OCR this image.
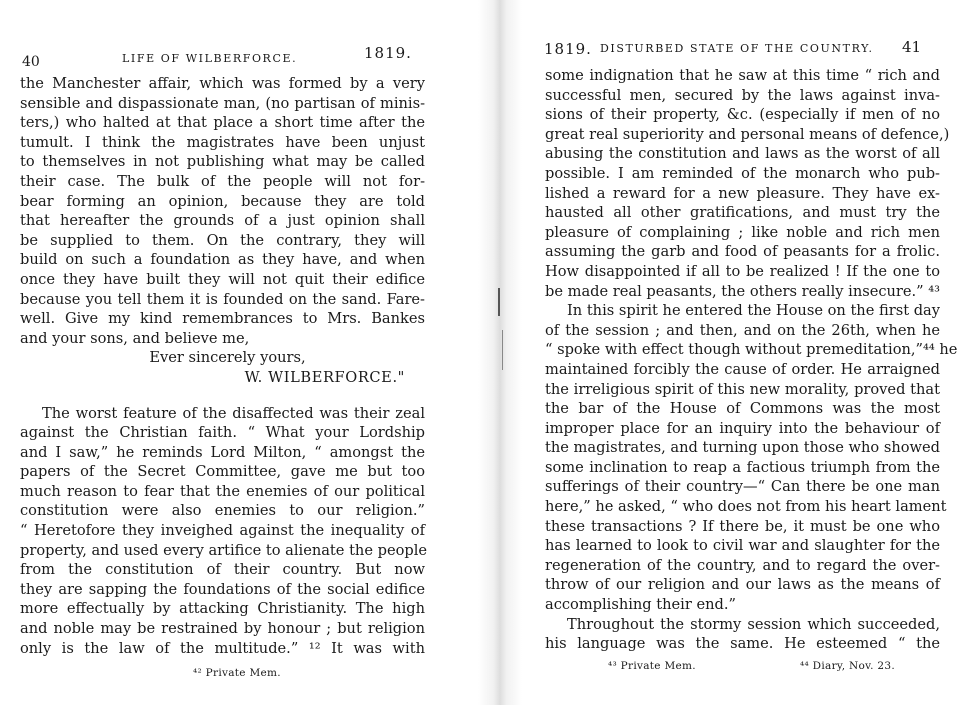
40	LIFE OF WILBERFORCE.	1819.
the Manchester affair, which was formed by a very
sensible and dispassionate man, (no partisan of minis-
ters,) who halted at that place a short time after the
tumult. I think the magistrates have been unjust
to themselves in not publishing what may be called
their case. The bulk of the people will not for-
bear forming an opinion, because they are told
that hereafter the grounds of a just opinion shall
be supplied to them. On the contrary, they will
build on such a foundation as they have, and when
once they have built they will not quit their edifice
because you tell them it is founded on the sand. Fare-
well. Give my kind remembrances to Mrs. Bankes
and your sons, and believe me,
Ever sincerely yours,
W. WILBERFORCE."
The worst feature of the disaffected was their zeal
against the Christian faith. “ What your Lordship
and I saw,” he reminds Lord Milton, “ amongst the
papers of the Secret Committee, gave me but too
much reason to fear that the enemies of our political
constitution were also enemies to our religion.”
“ Heretofore they inveighed against the inequality of
property, and used every artifice to alienate the people
from the constitution of their country. But now
they are sapping the foundations of the social edifice
more effectually by attacking Christianity. The high
and noble may be restrained by honour ; but religion
only is the law of the multitude.” ¹² It was with
⁴² Private Mem.
1819. DISTURBED STATE OF THE COUNTRY. 41
some indignation that he saw at this time “ rich and
successful men, secured by the laws against inva-
sions of their property, &c. (especially if men of no
great real superiority and personal means of defence,)
abusing the constitution and laws as the worst of all
possible. I am reminded of the monarch who pub-
lished a reward for a new pleasure. They have ex-
hausted all other gratifications, and must try the
pleasure of complaining ; like noble and rich men
assuming the garb and food of peasants for a frolic.
How disappointed if all to be realized ! If the one to
be made real peasants, the others really insecure.” ⁴³
In this spirit he entered the House on the first day
of the session ; and then, and on the 26th, when he
“ spoke with effect though without premeditation,”⁴⁴ he
maintained forcibly the cause of order. He arraigned
the irreligious spirit of this new morality, proved that
the bar of the House of Commons was the most
improper place for an inquiry into the behaviour of
the magistrates, and turning upon those who showed
some inclination to reap a factious triumph from the
sufferings of their country—“ Can there be one man
here,” he asked, “ who does not from his heart lament
these transactions ? If there be, it must be one who
has learned to look to civil war and slaughter for the
regeneration of the country, and to regard the over-
throw of our religion and our laws as the means of
accomplishing their end.”
Throughout the stormy session which succeeded,
his language was the same. He esteemed “ the
⁴³ Private Mem.	⁴⁴ Diary, Nov. 23.
